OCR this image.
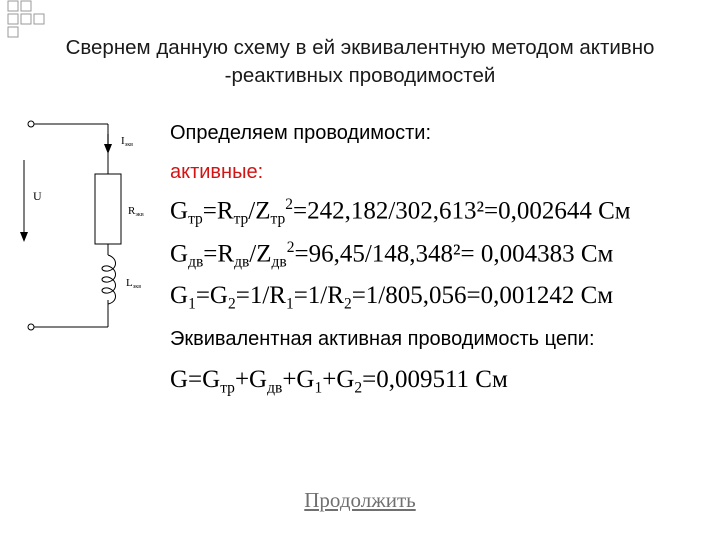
Свернем данную схему в ей эквивалентную методом активно
-реактивных проводимостей
Iэкв
U
Rэкв
Lэкв
Определяем проводимости:
активные:
$G_{тр}=R_{тр}/Z_{тр}^2=242,182/302,613^2=0,002644$ См
$G_{дв}=R_{дв}/Z_{дв}^2=96,45/148,348^2= 0,004383$ См
$G_1=G_2=1/R_1=1/R_2=1/805,056=0,001242$ См
Эквивалентная активная проводимость цепи:
$G=G_{тр}+G_{дв}+G_1+G_2=0,009511$ См
Продолжить
